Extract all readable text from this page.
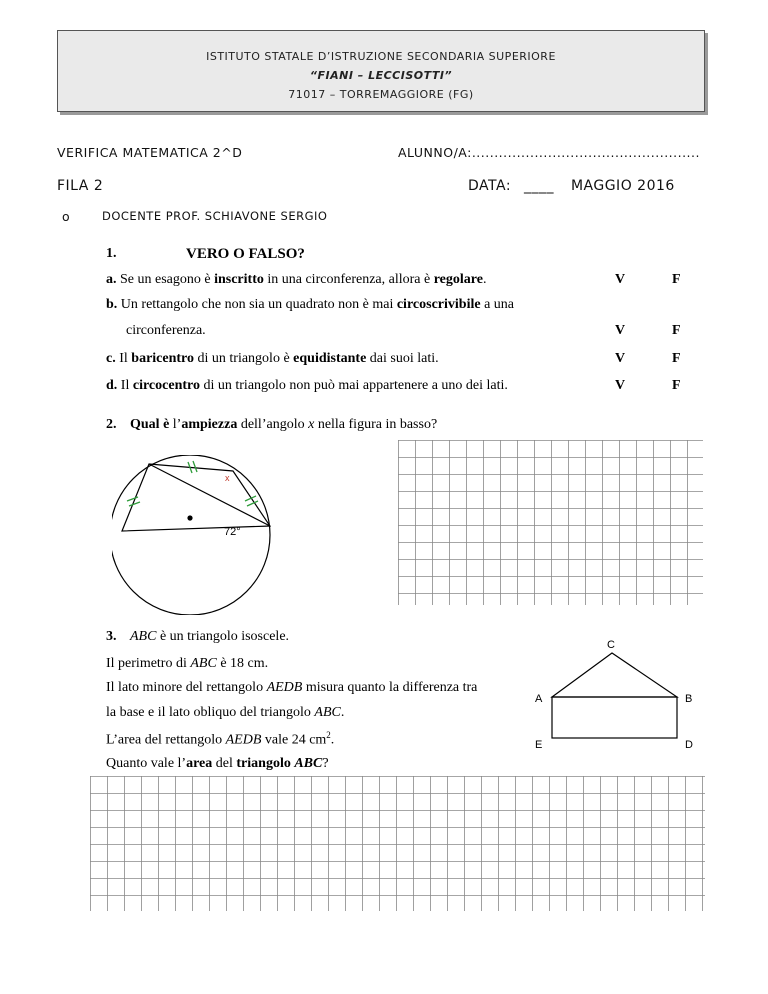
ISTITUTO STATALE D’ISTRUZIONE SECONDARIA SUPERIORE
“FIANI – LECCISOTTI”
71017 – TORREMAGGIORE (FG)
VERIFICA MATEMATICA 2^D	ALUNNO/A:...................................................
FILA 2	DATA: ____ MAGGIO 2016
o	DOCENTE PROF. SCHIAVONE SERGIO
1.	VERO O FALSO?
a. Se un esagono è inscritto in una circonferenza, allora è regolare.	V	F
b. Un rettangolo che non sia un quadrato non è mai circoscrivibile a una
circonferenza.	V	F
c. Il baricentro di un triangolo è equidistante dai suoi lati.	V	F
d. Il circocentro di un triangolo non può mai appartenere a uno dei lati.	V	F
2. Qual è l’ampiezza dell’angolo x nella figura in basso?
x
72°
3. ABC è un triangolo isoscele.
Il perimetro di ABC è 18 cm.
Il lato minore del rettangolo AEDB misura quanto la differenza tra
la base e il lato obliquo del triangolo ABC.
L’area del rettangolo AEDB vale 24 $cm^2$.
Quanto vale l’area del triangolo ABC?
C
A	B
E	D
